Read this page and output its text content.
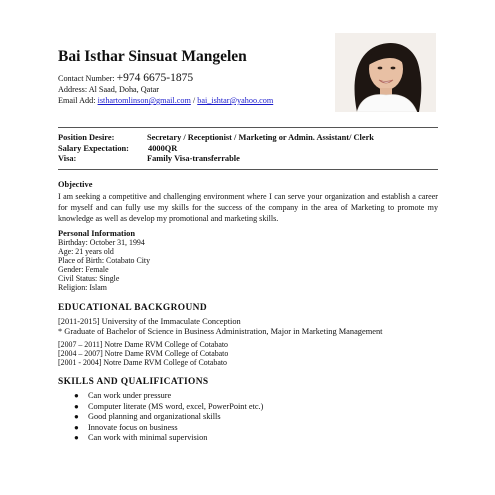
Bai Isthar Sinsuat Mangelen
Contact Number: +974 6675-1875
Address: Al Saad, Doha, Qatar
Email Add: isthartomlinson@gmail.com / bai_ishtar@yahoo.com
Position Desire:	Secretary / Receptionist / Marketing or Admin. Assistant/ Clerk
Salary Expectation: 4000QR
Visa:	Family Visa-transferrable
Objective
I am seeking a competitive and challenging environment where I can serve your organization and establish a career for myself and can fully use my skills for the success of the company in the area of Marketing to promote my knowledge as well as develop my promotional and marketing skills.
Personal Information
Birthday: October 31, 1994
Age: 21 years old
Place of Birth: Cotabato City
Gender: Female
Civil Status: Single
Religion: Islam
EDUCATIONAL BACKGROUND
[2011-2015] University of the Immaculate Conception
* Graduate of Bachelor of Science in Business Administration, Major in Marketing Management
[2007 – 2011] Notre Dame RVM College of Cotabato
[2004 – 2007] Notre Dame RVM College of Cotabato
[2001 - 2004] Notre Dame RVM College of Cotabato
SKILLS AND QUALIFICATIONS
● Can work under pressure
● Computer literate (MS word, excel, PowerPoint etc.)
● Good planning and organizational skills
● Innovate focus on business
● Can work with minimal supervision
